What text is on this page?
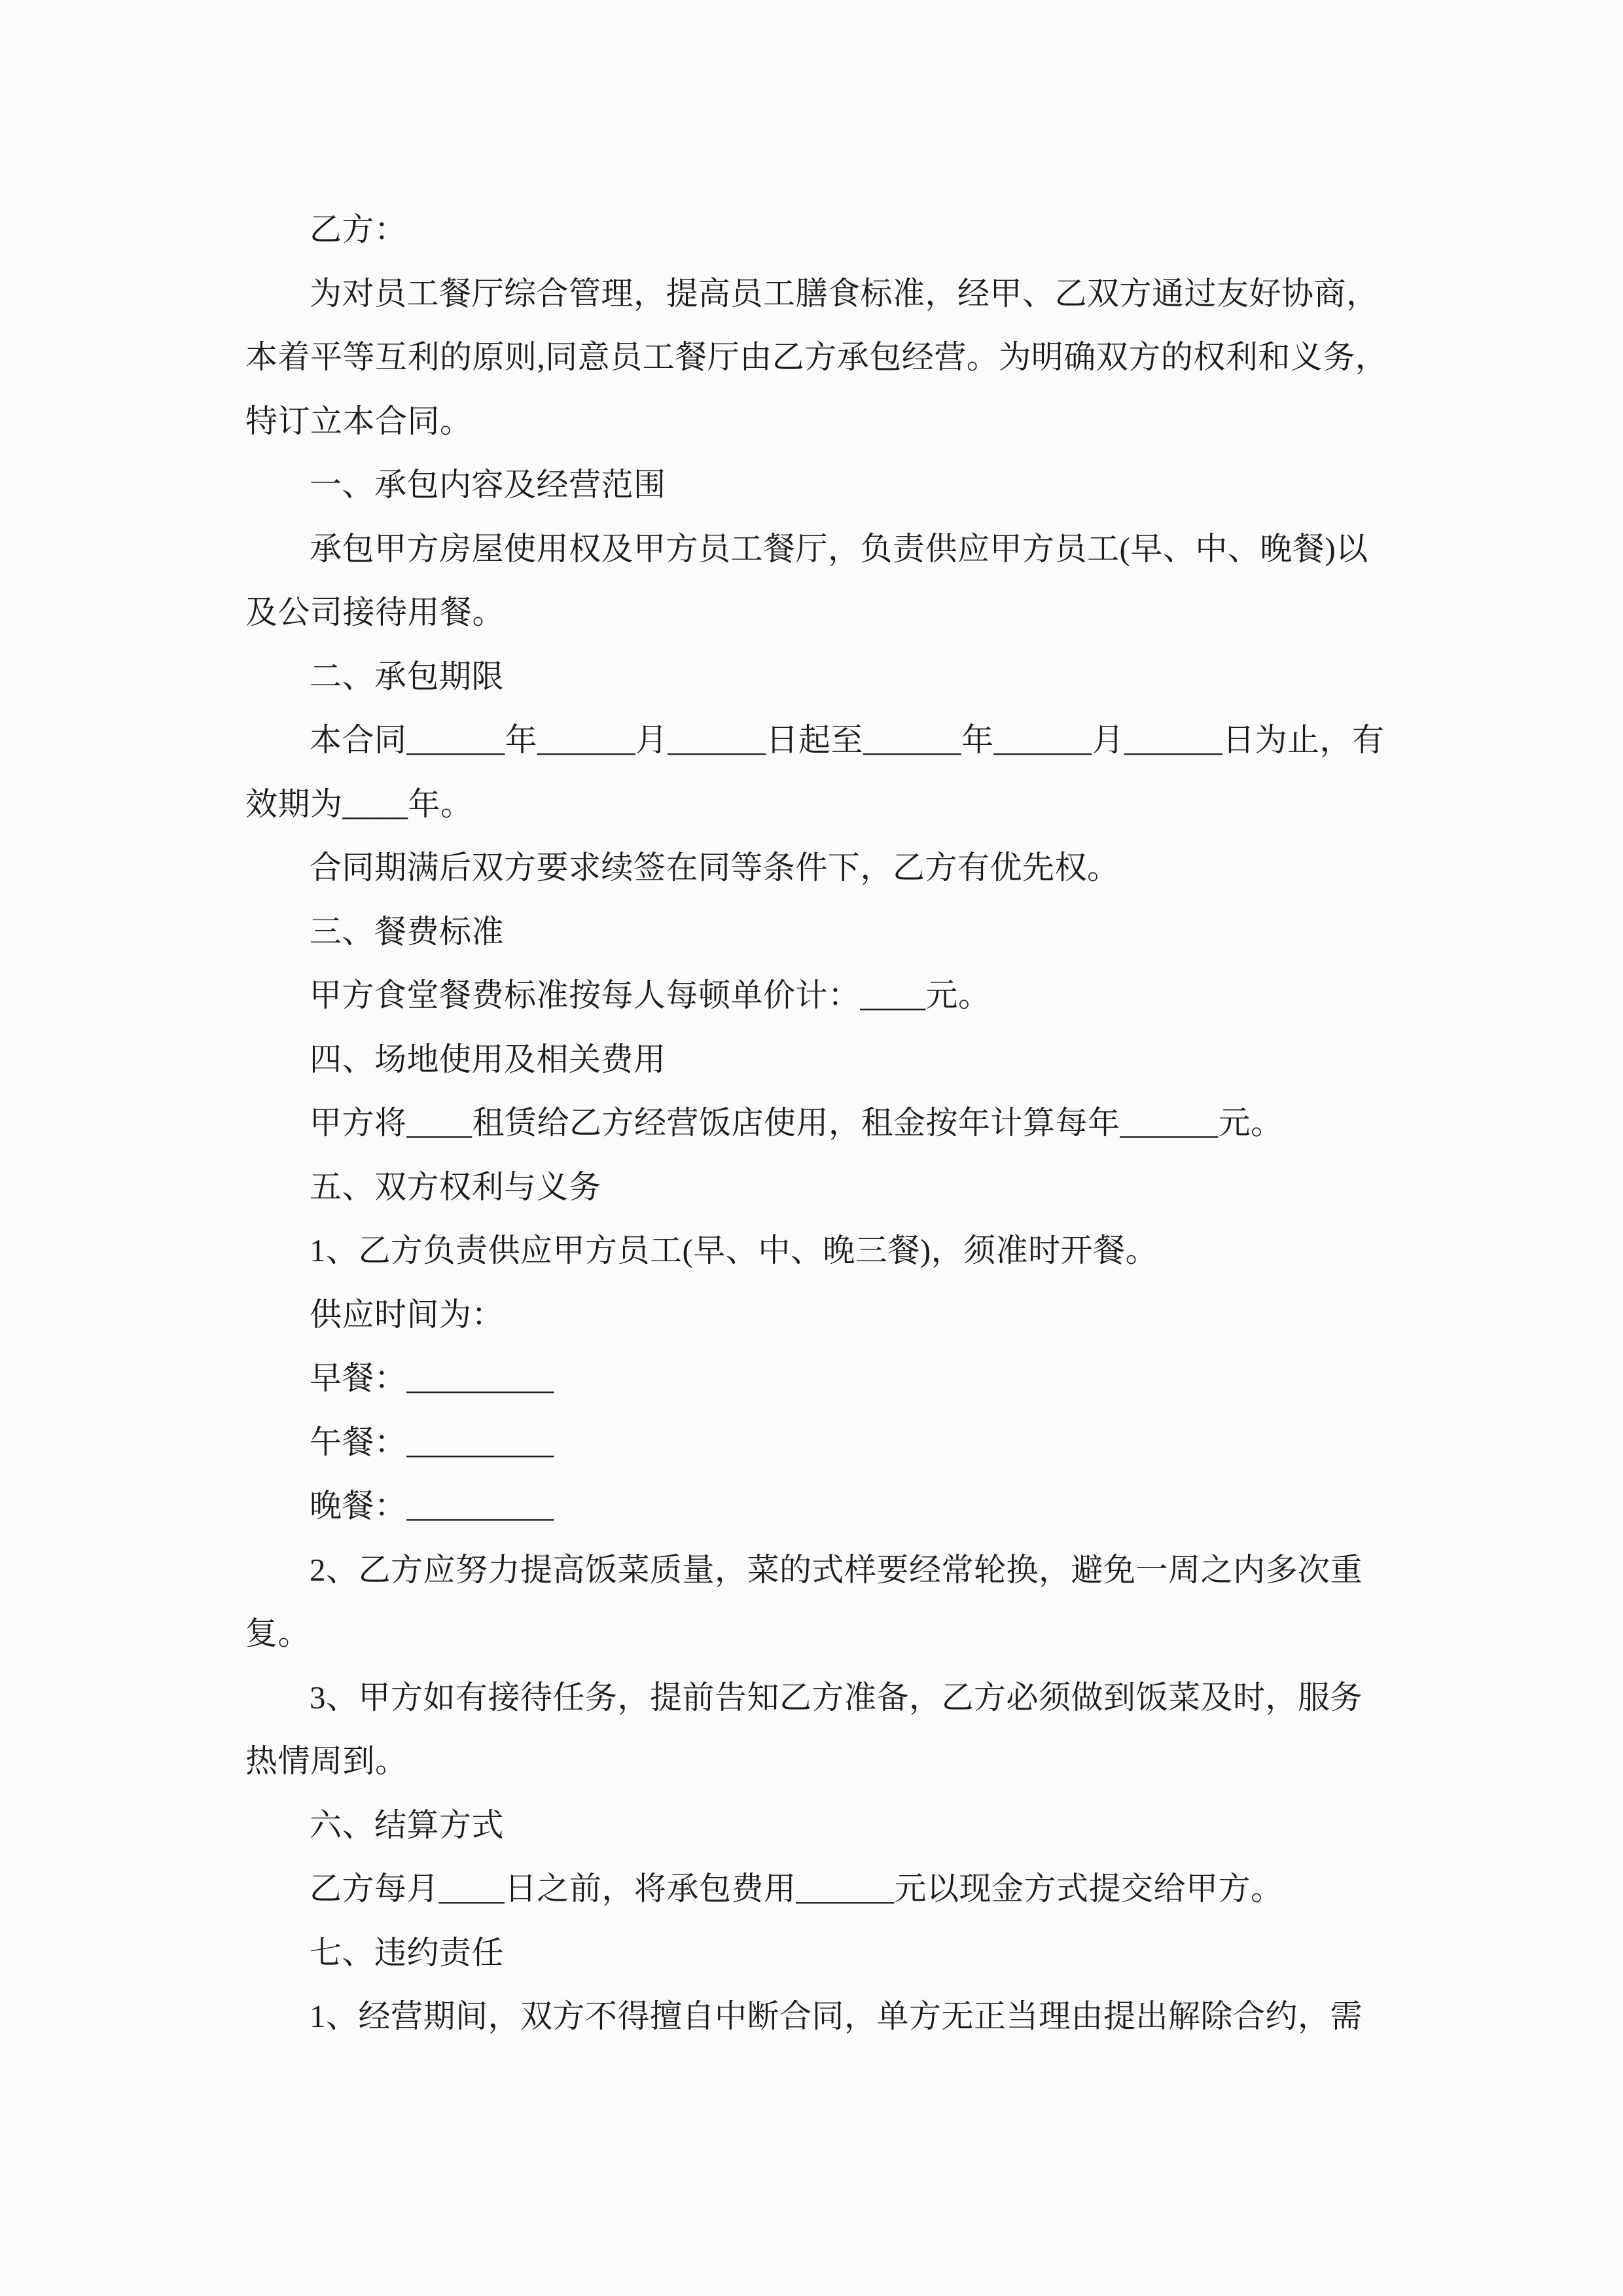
乙方：
为对员工餐厅综合管理，提高员工膳食标准，经甲、乙双方通过友好协商，
本着平等互利的原则,同意员工餐厅由乙方承包经营。为明确双方的权利和义务，
特订立本合同。
一、承包内容及经营范围
承包甲方房屋使用权及甲方员工餐厅，负责供应甲方员工(早、中、晚餐)以
及公司接待用餐。
二、承包期限
本合同______年______月______日起至______年______月______日为止，有
效期为____年。
合同期满后双方要求续签在同等条件下，乙方有优先权。
三、餐费标准
甲方食堂餐费标准按每人每顿单价计：____元。
四、场地使用及相关费用
甲方将____租赁给乙方经营饭店使用，租金按年计算每年______元。
五、双方权利与义务
1、乙方负责供应甲方员工(早、中、晚三餐)，须准时开餐。
供应时间为：
早餐：_________
午餐：_________
晚餐：_________
2、乙方应努力提高饭菜质量，菜的式样要经常轮换，避免一周之内多次重
复。
3、甲方如有接待任务，提前告知乙方准备，乙方必须做到饭菜及时，服务
热情周到。
六、结算方式
乙方每月____日之前，将承包费用______元以现金方式提交给甲方。
七、违约责任
1、经营期间，双方不得擅自中断合同，单方无正当理由提出解除合约，需
